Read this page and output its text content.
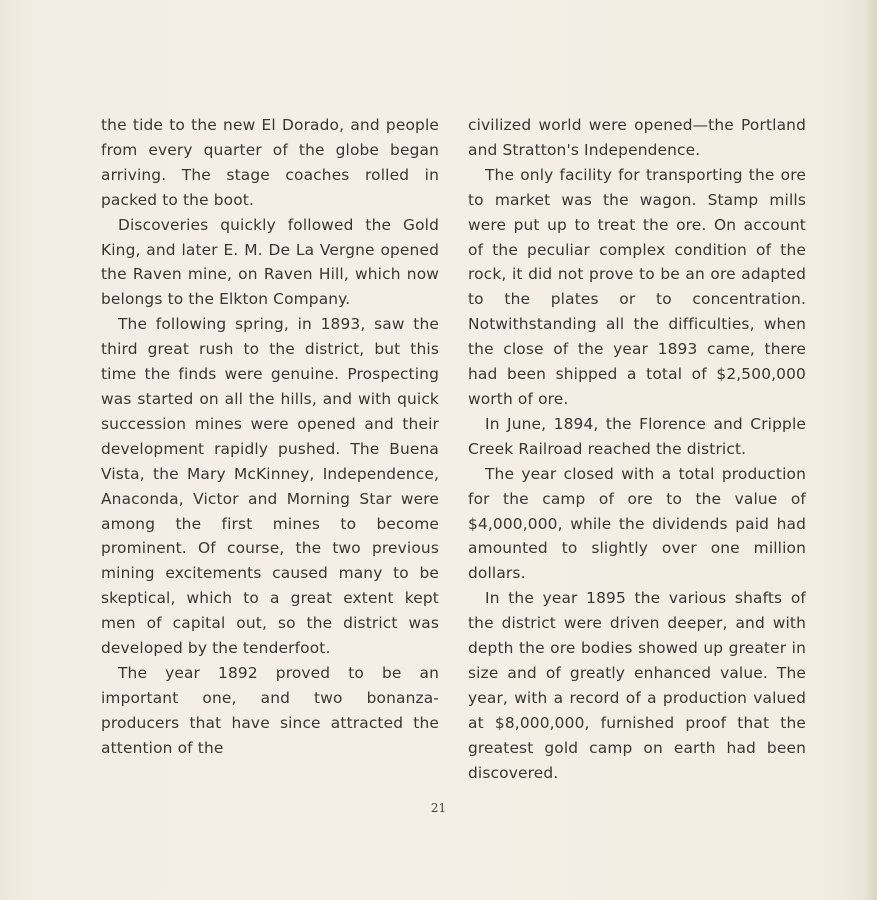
the tide to the new El Dorado, and people from every quarter of the globe began arriving. The stage coaches rolled in packed to the boot.

Discoveries quickly followed the Gold King, and later E. M. De La Vergne opened the Raven mine, on Raven Hill, which now belongs to the Elkton Company.

The following spring, in 1893, saw the third great rush to the district, but this time the finds were genuine. Prospecting was started on all the hills, and with quick succession mines were opened and their development rapidly pushed. The Buena Vista, the Mary McKinney, Independence, Anaconda, Victor and Morning Star were among the first mines to become prominent. Of course, the two previous mining excitements caused many to be skeptical, which to a great extent kept men of capital out, so the district was developed by the tenderfoot.

The year 1892 proved to be an important one, and two bonanza-producers that have since attracted the attention of the

civilized world were opened—the Portland and Stratton's Independence.

The only facility for transporting the ore to market was the wagon. Stamp mills were put up to treat the ore. On account of the peculiar complex condition of the rock, it did not prove to be an ore adapted to the plates or to concentration. Notwithstanding all the difficulties, when the close of the year 1893 came, there had been shipped a total of $2,500,000 worth of ore.

In June, 1894, the Florence and Cripple Creek Railroad reached the district.

The year closed with a total production for the camp of ore to the value of $4,000,000, while the dividends paid had amounted to slightly over one million dollars.

In the year 1895 the various shafts of the district were driven deeper, and with depth the ore bodies showed up greater in size and of greatly enhanced value. The year, with a record of a production valued at $8,000,000, furnished proof that the greatest gold camp on earth had been discovered.

21
